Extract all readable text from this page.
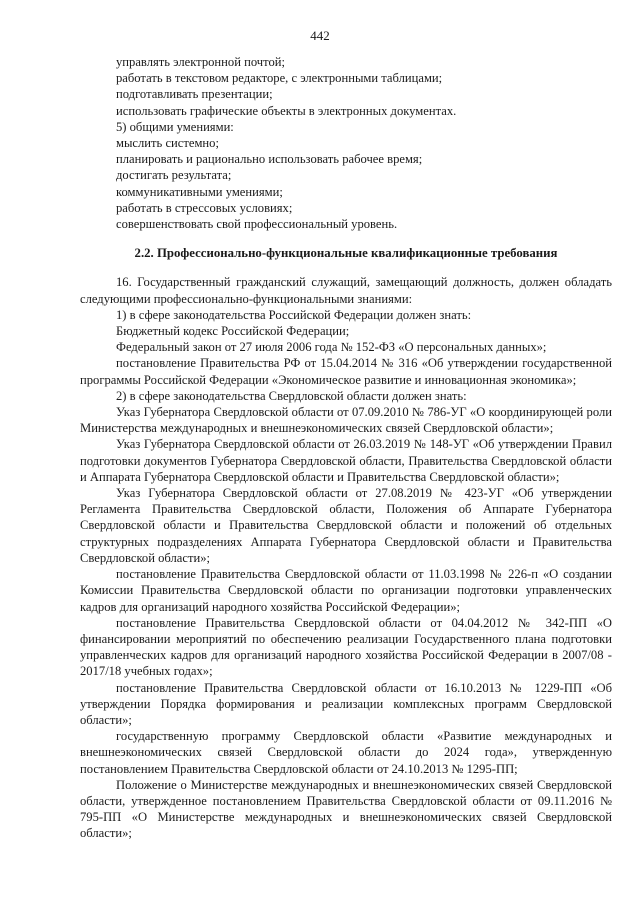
442
управлять электронной почтой;
работать в текстовом редакторе, с электронными таблицами;
подготавливать презентации;
использовать графические объекты в электронных документах.
5) общими умениями:
мыслить системно;
планировать и рационально использовать рабочее время;
достигать результата;
коммуникативными умениями;
работать в стрессовых условиях;
совершенствовать свой профессиональный уровень.
2.2. Профессионально-функциональные квалификационные требования

16. Государственный гражданский служащий, замещающий должность, должен обладать следующими профессионально-функциональными знаниями:

1) в сфере законодательства Российской Федерации должен знать:

Бюджетный кодекс Российской Федерации;

Федеральный закон от 27 июля 2006 года № 152-ФЗ «О персональных данных»;

постановление Правительства РФ от 15.04.2014 № 316 «Об утверждении государственной программы Российской Федерации «Экономическое развитие и инновационная экономика»;

2) в сфере законодательства Свердловской области должен знать:

Указ Губернатора Свердловской области от 07.09.2010 № 786-УГ «О координирующей роли Министерства международных и внешнеэкономических связей Свердловской области»;

Указ Губернатора Свердловской области от 26.03.2019 № 148-УГ «Об утверждении Правил подготовки документов Губернатора Свердловской области, Правительства Свердловской области и Аппарата Губернатора Свердловской области и Правительства Свердловской области»;

Указ Губернатора Свердловской области от 27.08.2019 № 423-УГ «Об утверждении Регламента Правительства Свердловской области, Положения об Аппарате Губернатора Свердловской области и Правительства Свердловской области и положений об отдельных структурных подразделениях Аппарата Губернатора Свердловской области и Правительства Свердловской области»;

постановление Правительства Свердловской области от 11.03.1998 № 226-п «О создании Комиссии Правительства Свердловской области по организации подготовки управленческих кадров для организаций народного хозяйства Российской Федерации»;

постановление Правительства Свердловской области от 04.04.2012 № 342-ПП «О финансировании мероприятий по обеспечению реализации Государственного плана подготовки управленческих кадров для организаций народного хозяйства Российской Федерации в 2007/08 - 2017/18 учебных годах»;

постановление Правительства Свердловской области от 16.10.2013 № 1229-ПП «Об утверждении Порядка формирования и реализации комплексных программ Свердловской области»;

государственную программу Свердловской области «Развитие международных и внешнеэкономических связей Свердловской области до 2024 года», утвержденную постановлением Правительства Свердловской области от 24.10.2013 № 1295-ПП;

Положение о Министерстве международных и внешнеэкономических связей Свердловской области, утвержденное постановлением Правительства Свердловской области от 09.11.2016 № 795-ПП «О Министерстве международных и внешнеэкономических связей Свердловской области»;
